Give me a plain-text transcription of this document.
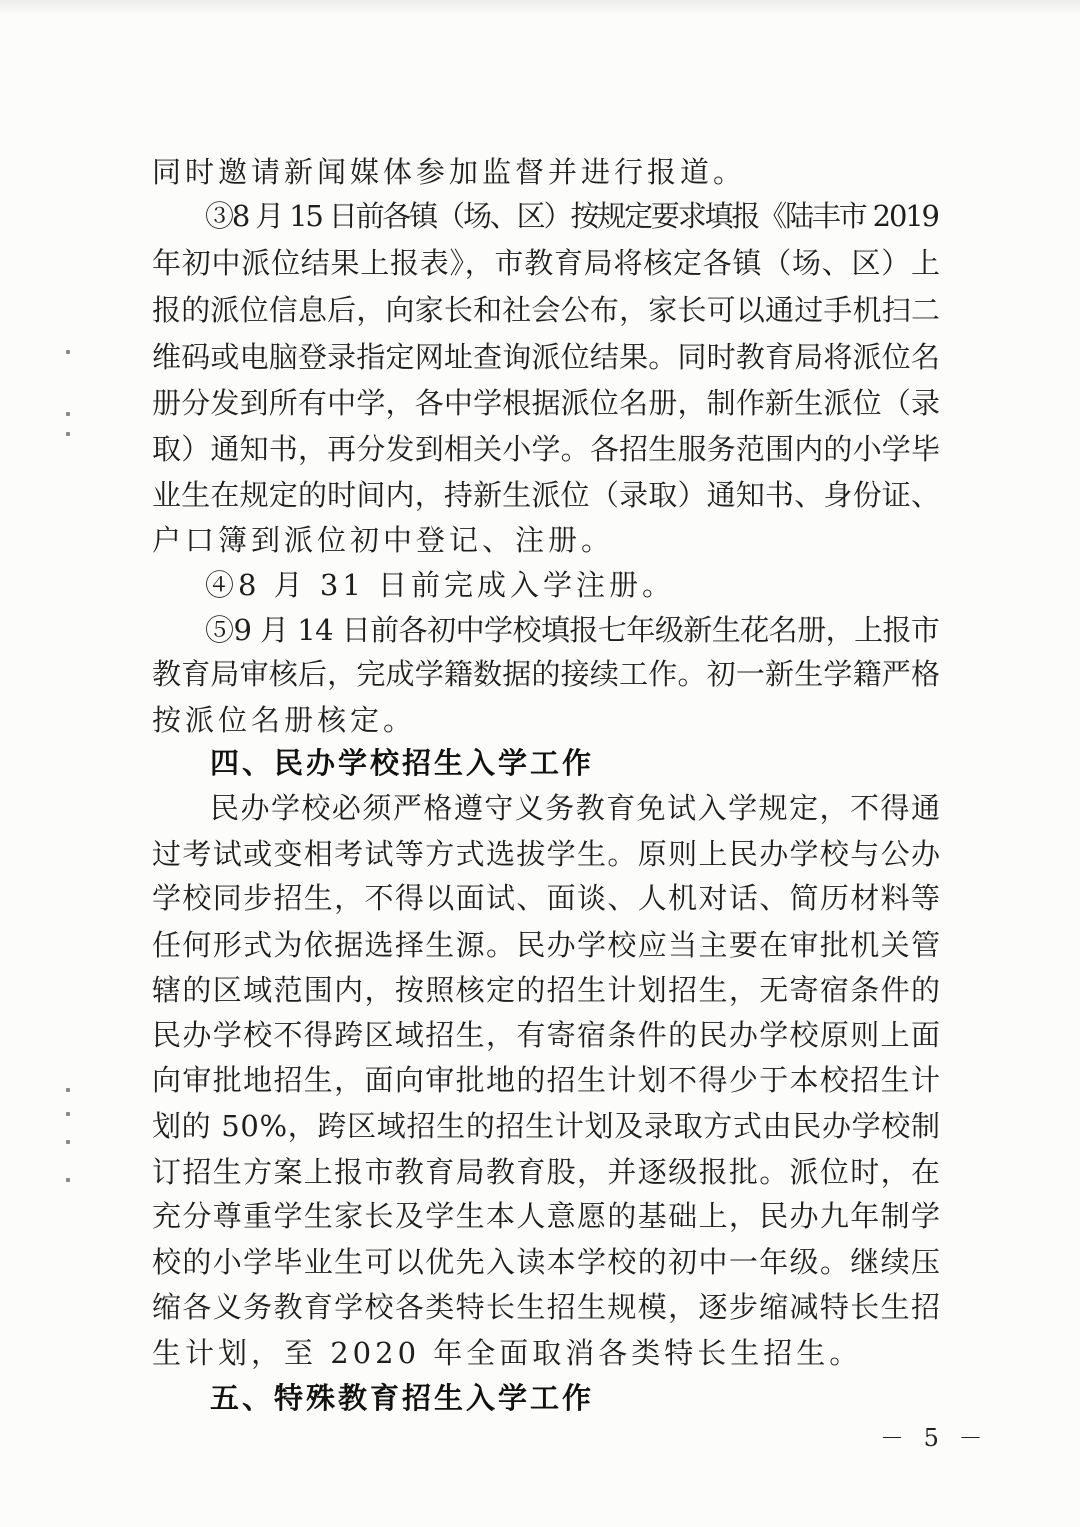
同时邀请新闻媒体参加监督并进行报道。
③8 月 15 日前各镇（场、区）按规定要求填报《陆丰市 2019
年初中派位结果上报表》，市教育局将核定各镇（场、区）上
报的派位信息后，向家长和社会公布，家长可以通过手机扫二
维码或电脑登录指定网址查询派位结果。同时教育局将派位名
册分发到所有中学，各中学根据派位名册，制作新生派位（录
取）通知书，再分发到相关小学。各招生服务范围内的小学毕
业生在规定的时间内，持新生派位（录取）通知书、身份证、
户口簿到派位初中登记、注册。
④8 月 31 日前完成入学注册。
⑤9 月 14 日前各初中学校填报七年级新生花名册，上报市
教育局审核后，完成学籍数据的接续工作。初一新生学籍严格
按派位名册核定。
四、民办学校招生入学工作
民办学校必须严格遵守义务教育免试入学规定，不得通
过考试或变相考试等方式选拔学生。原则上民办学校与公办
学校同步招生，不得以面试、面谈、人机对话、简历材料等
任何形式为依据选择生源。民办学校应当主要在审批机关管
辖的区域范围内，按照核定的招生计划招生，无寄宿条件的
民办学校不得跨区域招生，有寄宿条件的民办学校原则上面
向审批地招生，面向审批地的招生计划不得少于本校招生计
划的 50%，跨区域招生的招生计划及录取方式由民办学校制
订招生方案上报市教育局教育股，并逐级报批。派位时，在
充分尊重学生家长及学生本人意愿的基础上，民办九年制学
校的小学毕业生可以优先入读本学校的初中一年级。继续压
缩各义务教育学校各类特长生招生规模，逐步缩减特长生招
生计划，至 2020 年全面取消各类特长生招生。
五、特殊教育招生入学工作
－ 5 －
